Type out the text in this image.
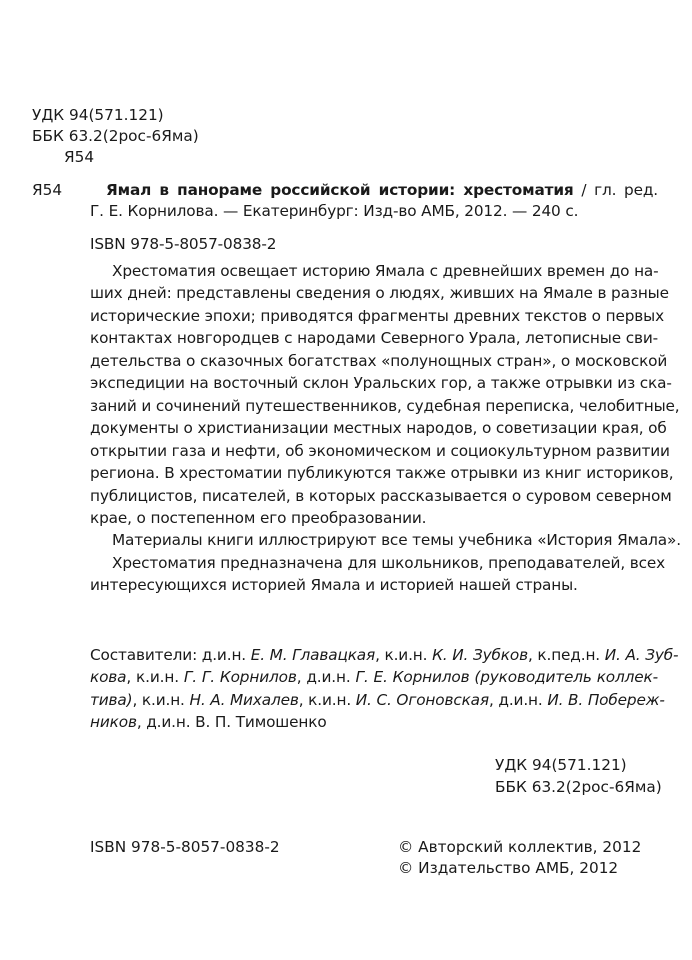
УДК 94(571.121)
ББК 63.2(2рос-6Яма)
Я54
Я54	Ямал в панораме российской истории: хрестоматия / гл. ред.
Г. Е. Корнилова. — Екатеринбург: Изд-во АМБ, 2012. — 240 с.
ISBN 978-5-8057-0838-2
Хрестоматия освещает историю Ямала с древнейших времен до на-
ших дней: представлены сведения о людях, живших на Ямале в разные
исторические эпохи; приводятся фрагменты древних текстов о первых
контактах новгородцев с народами Северного Урала, летописные сви-
детельства о сказочных богатствах «полунощных стран», о московской
экспедиции на восточный склон Уральских гор, а также отрывки из ска-
заний и сочинений путешественников, судебная переписка, челобитные,
документы о христианизации местных народов, о советизации края, об
открытии газа и нефти, об экономическом и социокультурном развитии
региона. В хрестоматии публикуются также отрывки из книг историков,
публицистов, писателей, в которых рассказывается о суровом северном
крае, о постепенном его преобразовании.
Материалы книги иллюстрируют все темы учебника «История Ямала».
Хрестоматия предназначена для школьников, преподавателей, всех
интересующихся историей Ямала и историей нашей страны.
Составители: д.и.н. Е. М. Главацкая, к.и.н. К. И. Зубков, к.пед.н. И. А. Зуб-
кова, к.и.н. Г. Г. Корнилов, д.и.н. Г. Е. Корнилов (руководитель коллек-
тива), к.и.н. Н. А. Михалев, к.и.н. И. С. Огоновская, д.и.н. И. В. Побереж-
ников, д.и.н. В. П. Тимошенко
УДК 94(571.121)
ББК 63.2(2рос-6Яма)
ISBN 978-5-8057-0838-2	© Авторский коллектив, 2012
© Издательство АМБ, 2012
